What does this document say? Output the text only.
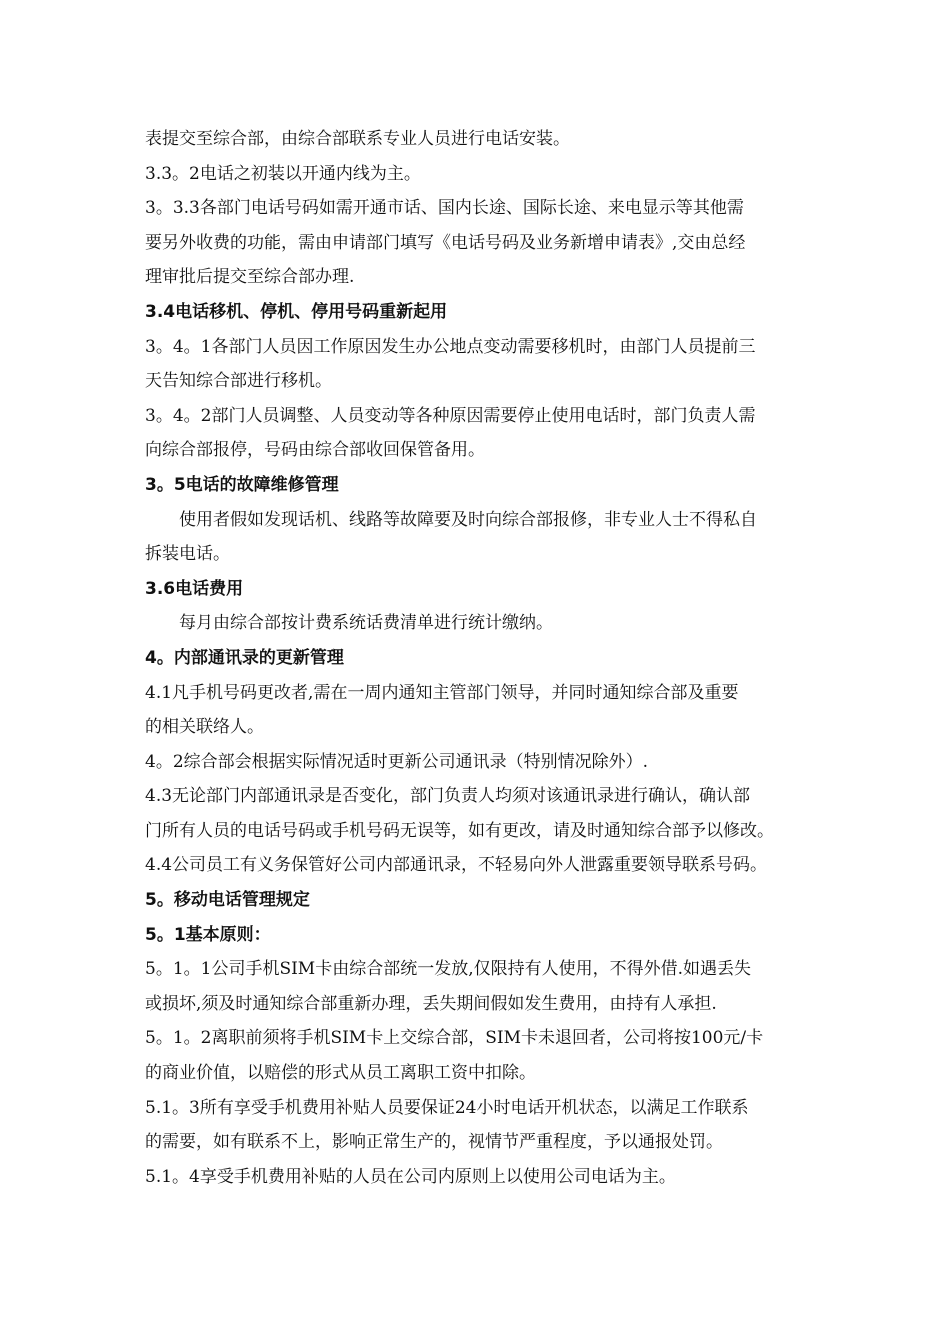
表提交至综合部，由综合部联系专业人员进行电话安装。
3.3。2电话之初装以开通内线为主。
3。3.3各部门电话号码如需开通市话、国内长途、国际长途、来电显示等其他需
要另外收费的功能，需由申请部门填写《电话号码及业务新增申请表》,交由总经
理审批后提交至综合部办理.
3.4电话移机、停机、停用号码重新起用
3。4。1各部门人员因工作原因发生办公地点变动需要移机时，由部门人员提前三
天告知综合部进行移机。
3。4。2部门人员调整、人员变动等各种原因需要停止使用电话时，部门负责人需
向综合部报停，号码由综合部收回保管备用。
3。5电话的故障维修管理
使用者假如发现话机、线路等故障要及时向综合部报修，非专业人士不得私自
拆装电话。
3.6电话费用
每月由综合部按计费系统话费清单进行统计缴纳。
4。内部通讯录的更新管理
4.1凡手机号码更改者,需在一周内通知主管部门领导，并同时通知综合部及重要
的相关联络人。
4。2综合部会根据实际情况适时更新公司通讯录（特别情况除外）.
4.3无论部门内部通讯录是否变化，部门负责人均须对该通讯录进行确认，确认部
门所有人员的电话号码或手机号码无误等，如有更改，请及时通知综合部予以修改。
4.4公司员工有义务保管好公司内部通讯录，不轻易向外人泄露重要领导联系号码。
5。移动电话管理规定
5。1基本原则：
5。1。1公司手机SIM卡由综合部统一发放,仅限持有人使用，不得外借.如遇丢失
或损坏,须及时通知综合部重新办理，丢失期间假如发生费用，由持有人承担.
5。1。2离职前须将手机SIM卡上交综合部，SIM卡未退回者，公司将按100元/卡
的商业价值，以赔偿的形式从员工离职工资中扣除。
5.1。3所有享受手机费用补贴人员要保证24小时电话开机状态，以满足工作联系
的需要，如有联系不上，影响正常生产的，视情节严重程度，予以通报处罚。
5.1。4享受手机费用补贴的人员在公司内原则上以使用公司电话为主。
